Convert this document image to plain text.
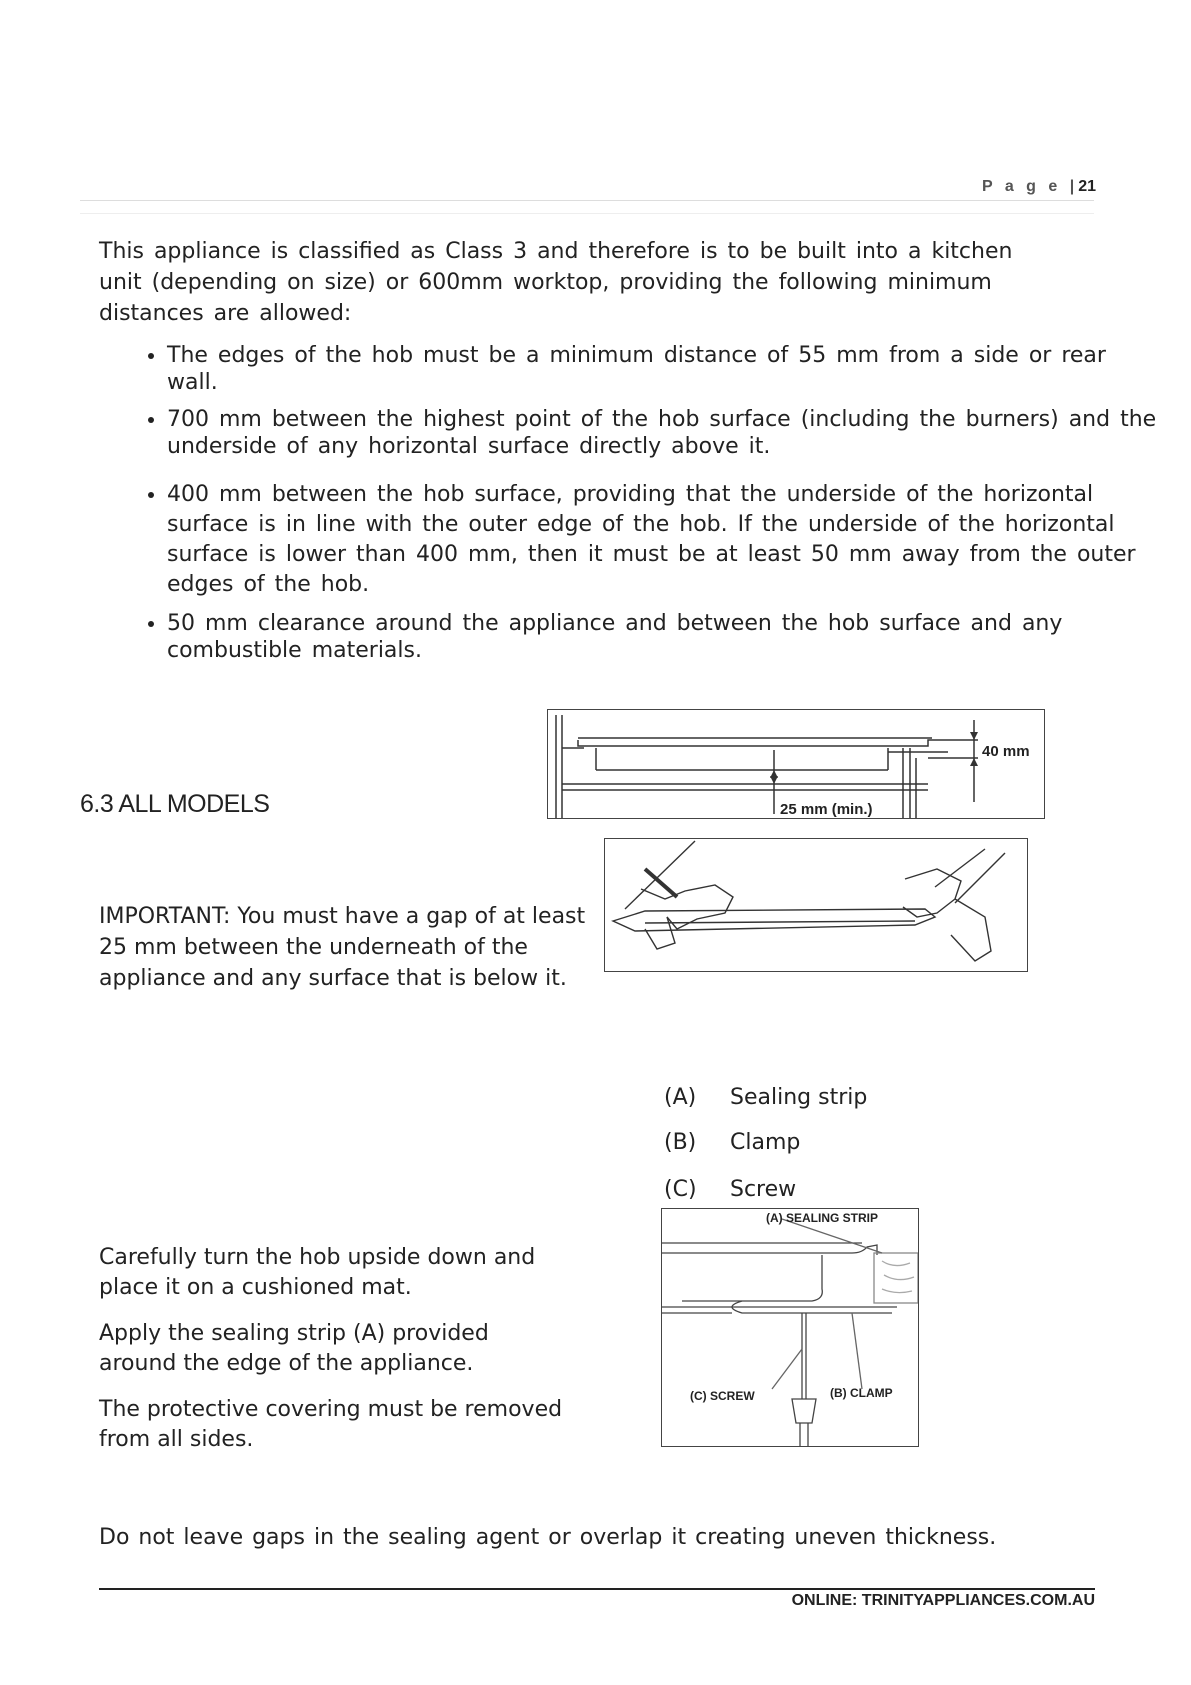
P a g e |21
This appliance is classified as Class 3 and therefore is to be built into a kitchen unit (depending on size) or 600mm worktop, providing the following minimum distances are allowed:
• The edges of the hob must be a minimum distance of 55 mm from a side or rear wall.
• 700 mm between the highest point of the hob surface (including the burners) and the underside of any horizontal surface directly above it.
• 400 mm between the hob surface, providing that the underside of the horizontal surface is in line with the outer edge of the hob. If the underside of the horizontal surface is lower than 400 mm, then it must be at least 50 mm away from the outer edges of the hob.
• 50 mm clearance around the appliance and between the hob surface and any combustible materials.
6.3 ALL MODELS
40 mm
25 mm (min.)
IMPORTANT: You must have a gap of at least 25 mm between the underneath of the appliance and any surface that is below it.
(A) Sealing strip
(B) Clamp
(C) Screw
(A) SEALING STRIP
(C) SCREW	(B) CLAMP

Carefully turn the hob upside down and place it on a cushioned mat.

Apply the sealing strip (A) provided around the edge of the appliance.

The protective covering must be removed from all sides.

Do not leave gaps in the sealing agent or overlap it creating uneven thickness.
ONLINE: TRINITYAPPLIANCES.COM.AU
